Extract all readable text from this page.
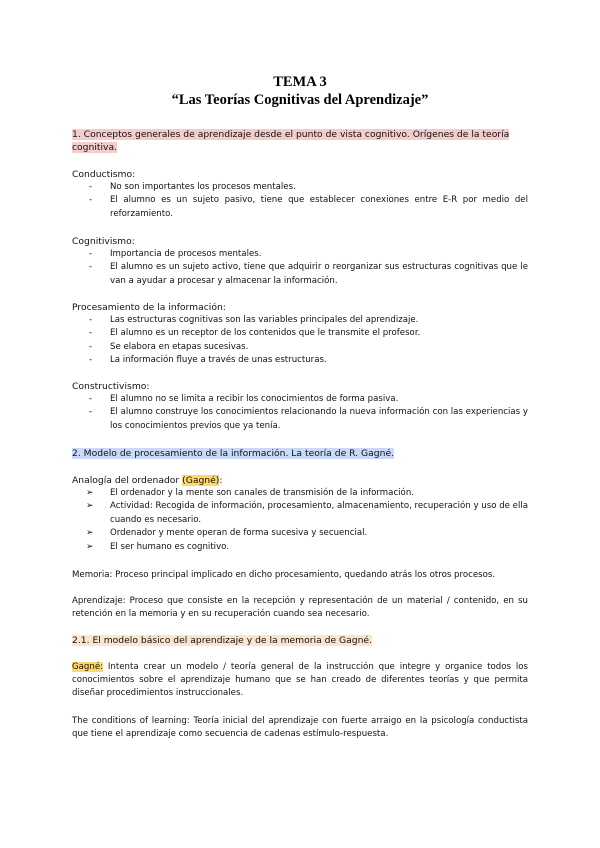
TEMA 3
“Las Teorías Cognitivas del Aprendizaje”
1. Conceptos generales de aprendizaje desde el punto de vista cognitivo. Orígenes de la teoría cognitiva.
Conductismo:
- No son importantes los procesos mentales.
- El alumno es un sujeto pasivo, tiene que establecer conexiones entre E-R por medio del reforzamiento.
Cognitivismo:
- Importancia de procesos mentales.
- El alumno es un sujeto activo, tiene que adquirir o reorganizar sus estructuras cognitivas que le van a ayudar a procesar y almacenar la información.
Procesamiento de la información:
- Las estructuras cognitivas son las variables principales del aprendizaje.
- El alumno es un receptor de los contenidos que le transmite el profesor.
- Se elabora en etapas sucesivas.
- La información fluye a través de unas estructuras.
Constructivismo:
- El alumno no se limita a recibir los conocimientos de forma pasiva.
- El alumno construye los conocimientos relacionando la nueva información con las experiencias y los conocimientos previos que ya tenía.
2. Modelo de procesamiento de la información. La teoría de R. Gagné.
Analogía del ordenador (Gagné):
➢ El ordenador y la mente son canales de transmisión de la información.
➢ Actividad: Recogida de información, procesamiento, almacenamiento, recuperación y uso de ella cuando es necesario.
➢ Ordenador y mente operan de forma sucesiva y secuencial.
➢ El ser humano es cognitivo.
Memoria: Proceso principal implicado en dicho procesamiento, quedando atrás los otros procesos.
Aprendizaje: Proceso que consiste en la recepción y representación de un material / contenido, en su retención en la memoria y en su recuperación cuando sea necesario.
2.1. El modelo básico del aprendizaje y de la memoria de Gagné.
Gagné: Intenta crear un modelo / teoría general de la instrucción que integre y organice todos los conocimientos sobre el aprendizaje humano que se han creado de diferentes teorías y que permita diseñar procedimientos instruccionales.
The conditions of learning: Teoría inicial del aprendizaje con fuerte arraigo en la psicología conductista que tiene el aprendizaje como secuencia de cadenas estímulo-respuesta.
